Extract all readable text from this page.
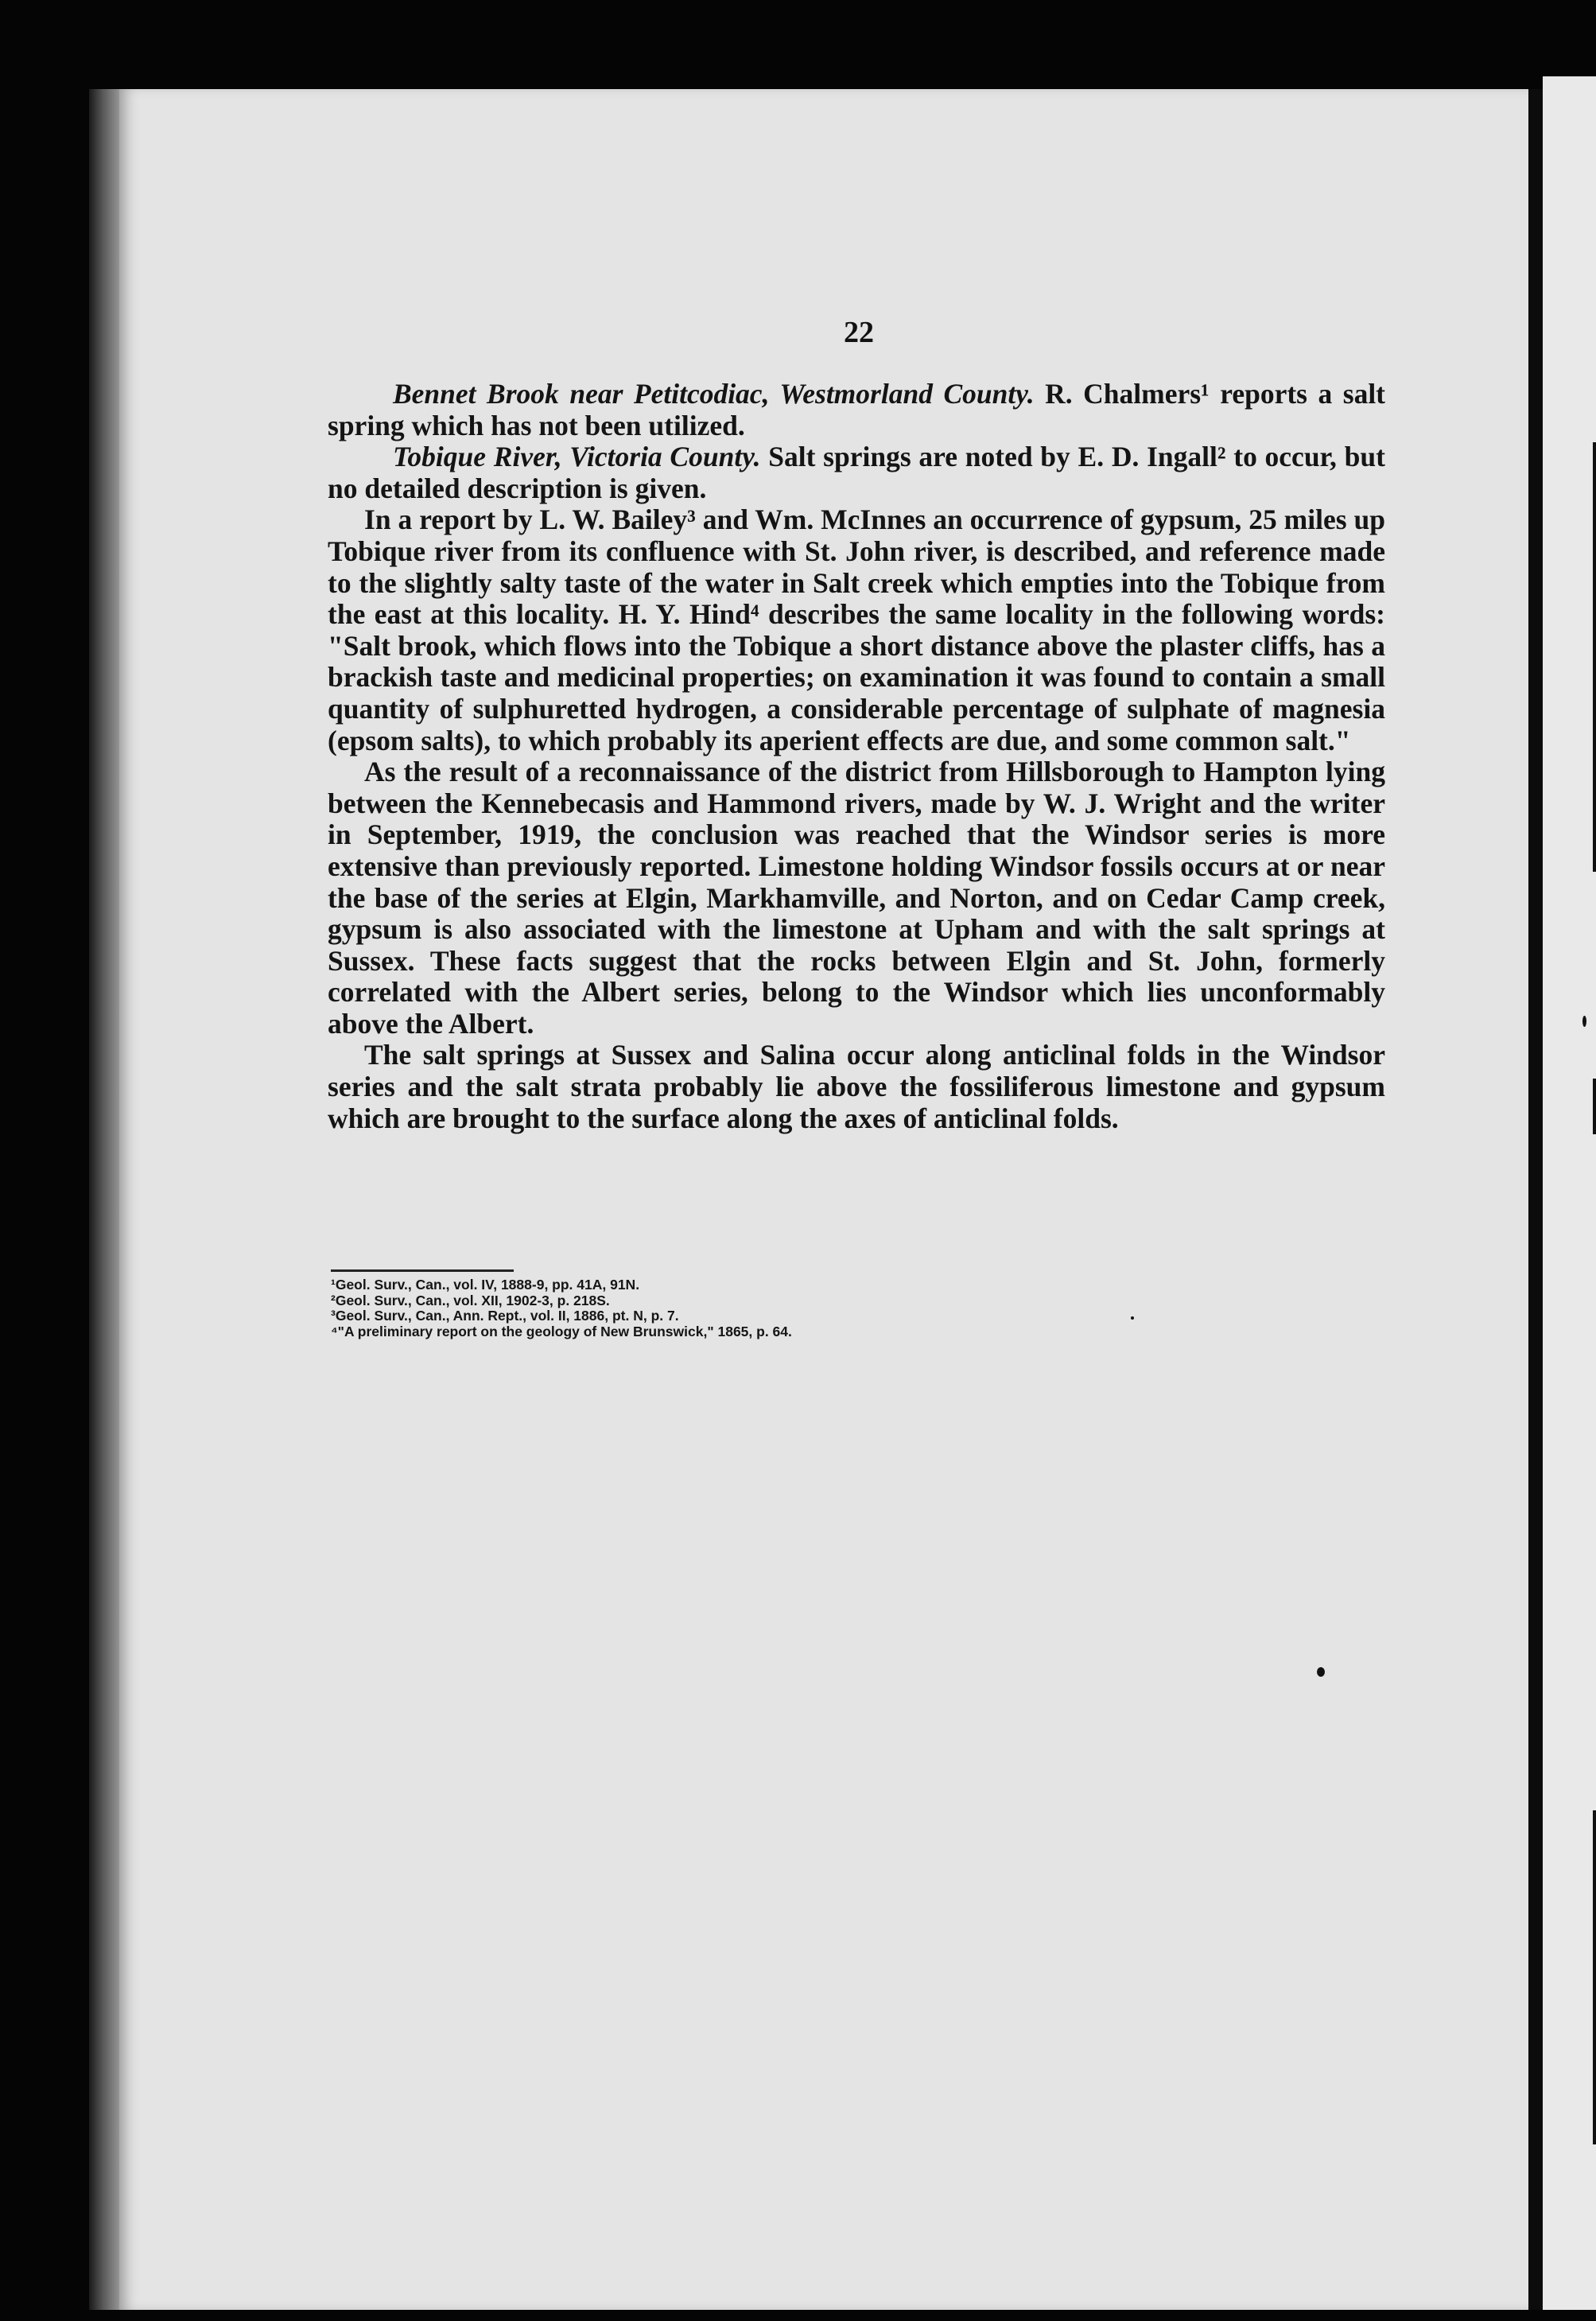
22

Bennet Brook near Petitcodiac, Westmorland County. R. Chalmers¹ reports a salt spring which has not been utilized.

Tobique River, Victoria County. Salt springs are noted by E. D. Ingall² to occur, but no detailed description is given.

In a report by L. W. Bailey³ and Wm. McInnes an occurrence of gypsum, 25 miles up Tobique river from its confluence with St. John river, is described, and reference made to the slightly salty taste of the water in Salt creek which empties into the Tobique from the east at this locality. H. Y. Hind⁴ describes the same locality in the following words: "Salt brook, which flows into the Tobique a short distance above the plaster cliffs, has a brackish taste and medicinal properties; on examination it was found to contain a small quantity of sulphuretted hydrogen, a considerable percentage of sulphate of magnesia (epsom salts), to which probably its aperient effects are due, and some common salt."

As the result of a reconnaissance of the district from Hillsborough to Hampton lying between the Kennebecasis and Hammond rivers, made by W. J. Wright and the writer in September, 1919, the conclusion was reached that the Windsor series is more extensive than previously reported. Limestone holding Windsor fossils occurs at or near the base of the series at Elgin, Markhamville, and Norton, and on Cedar Camp creek, gypsum is also associated with the limestone at Upham and with the salt springs at Sussex. These facts suggest that the rocks between Elgin and St. John, formerly correlated with the Albert series, belong to the Windsor which lies unconformably above the Albert.

The salt springs at Sussex and Salina occur along anticlinal folds in the Windsor series and the salt strata probably lie above the fossiliferous limestone and gypsum which are brought to the surface along the axes of anticlinal folds.

¹Geol. Surv., Can., vol. IV, 1888-9, pp. 41A, 91N.
²Geol. Surv., Can., vol. XII, 1902-3, p. 218S.
³Geol. Surv., Can., Ann. Rept., vol. II, 1886, pt. N, p. 7.
⁴"A preliminary report on the geology of New Brunswick," 1865, p. 64.
